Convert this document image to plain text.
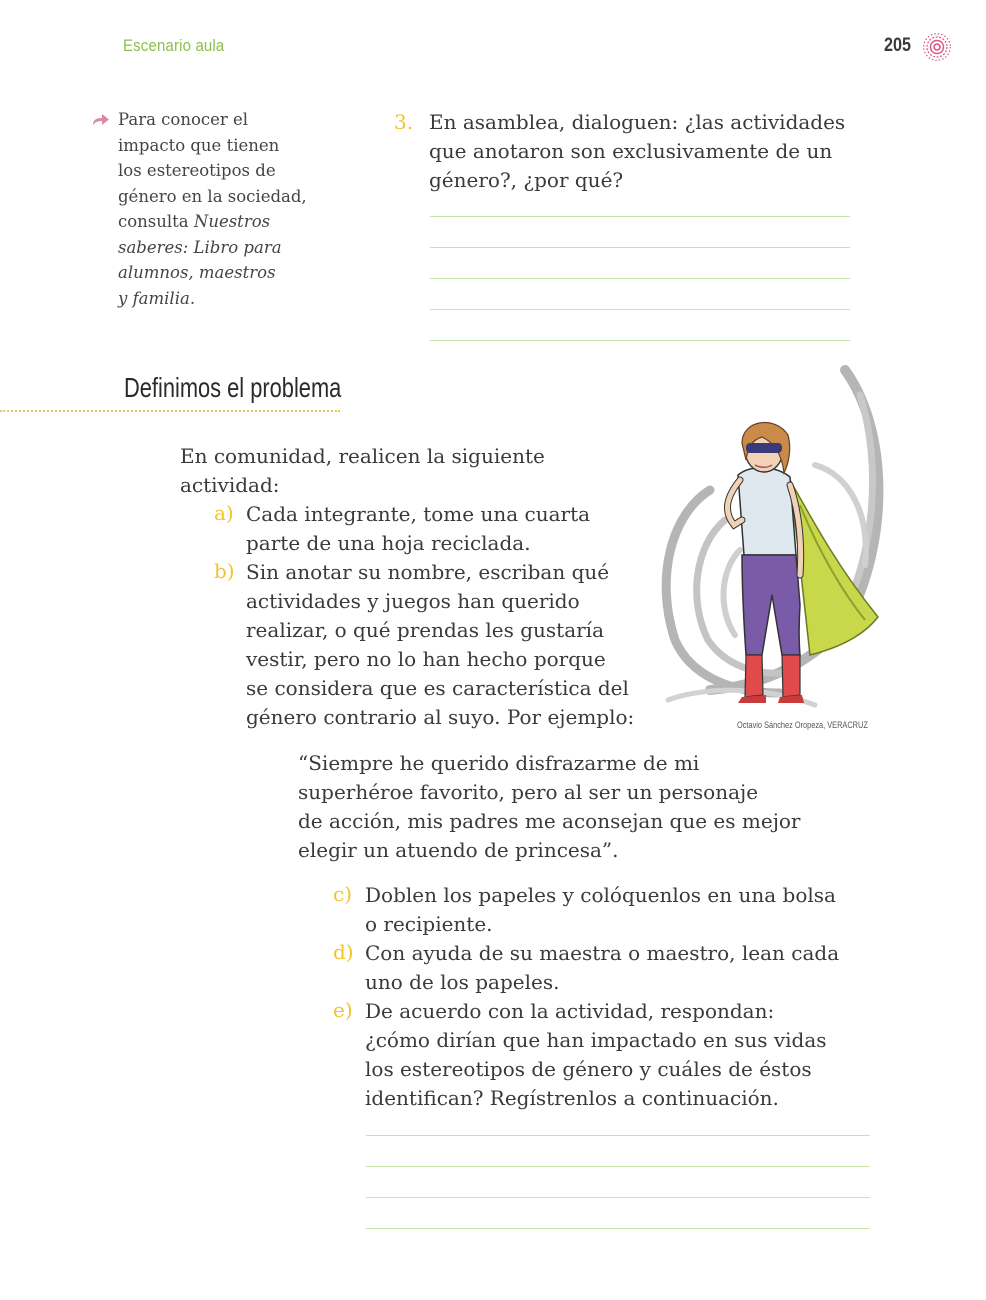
Escenario aula	205
Para conocer el
impacto que tienen
los estereotipos de
género en la sociedad,
consulta Nuestros
saberes: Libro para
alumnos, maestros
y familia.
3. En asamblea, dialoguen: ¿las actividades
que anotaron son exclusivamente de un
género?, ¿por qué?
Definimos el problema
En comunidad, realicen la siguiente
actividad:
a) Cada integrante, tome una cuarta
parte de una hoja reciclada.
b) Sin anotar su nombre, escriban qué
actividades y juegos han querido
realizar, o qué prendas les gustaría
vestir, pero no lo han hecho porque
se considera que es característica del
género contrario al suyo. Por ejemplo:	Octavio Sánchez Oropeza, VERACRUZ
“Siempre he querido disfrazarme de mi
superhéroe favorito, pero al ser un personaje
de acción, mis padres me aconsejan que es mejor
elegir un atuendo de princesa”.
c) Doblen los papeles y colóquenlos en una bolsa
o recipiente.
d) Con ayuda de su maestra o maestro, lean cada
uno de los papeles.
e) De acuerdo con la actividad, respondan:
¿cómo dirían que han impactado en sus vidas
los estereotipos de género y cuáles de éstos
identifican? Regístrenlos a continuación.
